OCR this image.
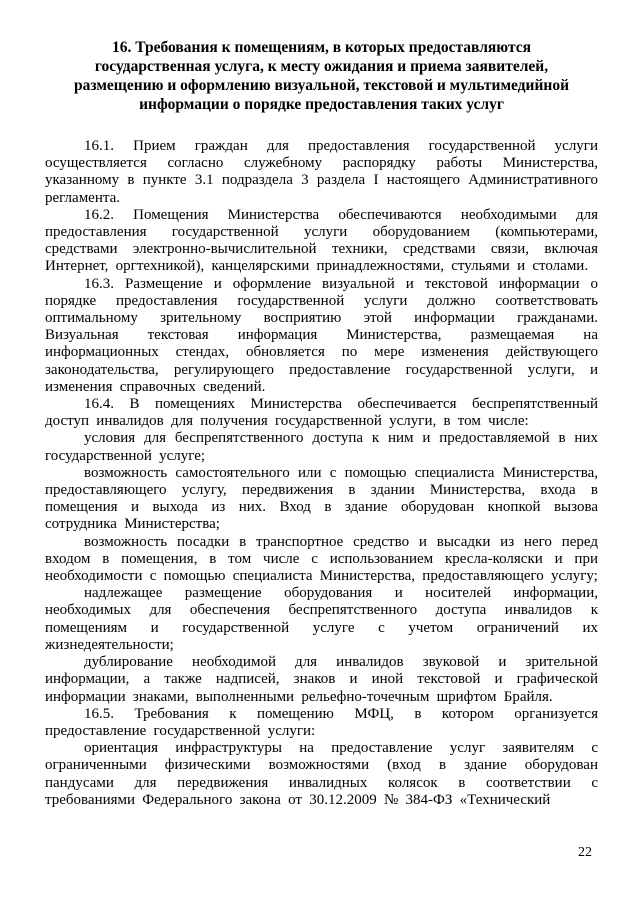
16. Требования к помещениям, в которых предоставляются
государственная услуга, к месту ожидания и приема заявителей,
размещению и оформлению визуальной, текстовой и мультимедийной
информации о порядке предоставления таких услуг

16.1. Прием граждан для предоставления государственной услуги осуществляется согласно служебному распорядку работы Министерства, указанному в пункте 3.1 подраздела 3 раздела I настоящего Административного регламента.

16.2. Помещения Министерства обеспечиваются необходимыми для предоставления государственной услуги оборудованием (компьютерами, средствами электронно-вычислительной техники, средствами связи, включая Интернет, оргтехникой), канцелярскими принадлежностями, стульями и столами.

16.3. Размещение и оформление визуальной и текстовой информации о порядке предоставления государственной услуги должно соответствовать оптимальному зрительному восприятию этой информации гражданами. Визуальная текстовая информация Министерства, размещаемая на информационных стендах, обновляется по мере изменения действующего законодательства, регулирующего предоставление государственной услуги, и изменения справочных сведений.

16.4. В помещениях Министерства обеспечивается беспрепятственный доступ инвалидов для получения государственной услуги, в том числе:

условия для беспрепятственного доступа к ним и предоставляемой в них государственной услуге;

возможность самостоятельного или с помощью специалиста Министерства, предоставляющего услугу, передвижения в здании Министерства, входа в помещения и выхода из них. Вход в здание оборудован кнопкой вызова сотрудника Министерства;

возможность посадки в транспортное средство и высадки из него перед входом в помещения, в том числе с использованием кресла-коляски и при необходимости с помощью специалиста Министерства, предоставляющего услугу;

надлежащее размещение оборудования и носителей информации, необходимых для обеспечения беспрепятственного доступа инвалидов к помещениям и государственной услуге с учетом ограничений их жизнедеятельности;

дублирование необходимой для инвалидов звуковой и зрительной информации, а также надписей, знаков и иной текстовой и графической информации знаками, выполненными рельефно-точечным шрифтом Брайля.

16.5. Требования к помещению МФЦ, в котором организуется предоставление государственной услуги:

ориентация инфраструктуры на предоставление услуг заявителям с ограниченными физическими возможностями (вход в здание оборудован пандусами для передвижения инвалидных колясок в соответствии с требованиями Федерального закона от 30.12.2009 № 384-ФЗ «Технический

22
